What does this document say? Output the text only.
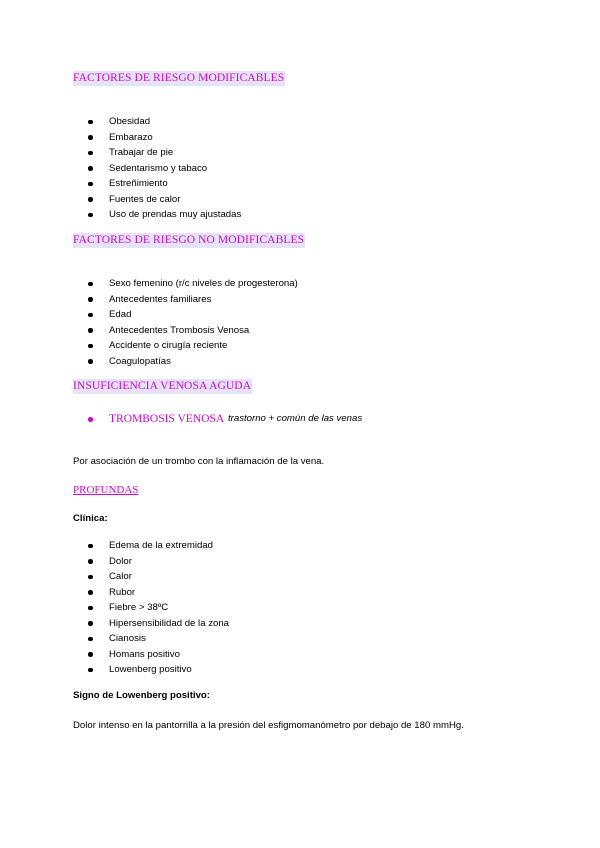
FACTORES DE RIESGO MODIFICABLES
Obesidad
Embarazo
Trabajar de pie
Sedentarismo y tabaco
Estreñimiento
Fuentes de calor
Uso de prendas muy ajustadas
FACTORES DE RIESGO NO MODIFICABLES
Sexo femenino (r/c niveles de progesterona)
Antecedentes familiares
Edad
Antecedentes Trombosis Venosa
Accidente o cirugía reciente
Coagulopatías
INSUFICIENCIA VENOSA AGUDA
TROMBOSIS VENOSA trastorno + común de las venas
Por asociación de un trombo con la inflamación de la vena.
PROFUNDAS
Clínica:
Edema de la extremidad
Dolor
Calor
Rubor
Fiebre > 38ºC
Hipersensibilidad de la zona
Cianosis
Homans positivo
Lowenberg positivo
Signo de Lowenberg positivo:
Dolor intenso en la pantorrilla a la presión del esfigmomanómetro por debajo de 180 mmHg.
